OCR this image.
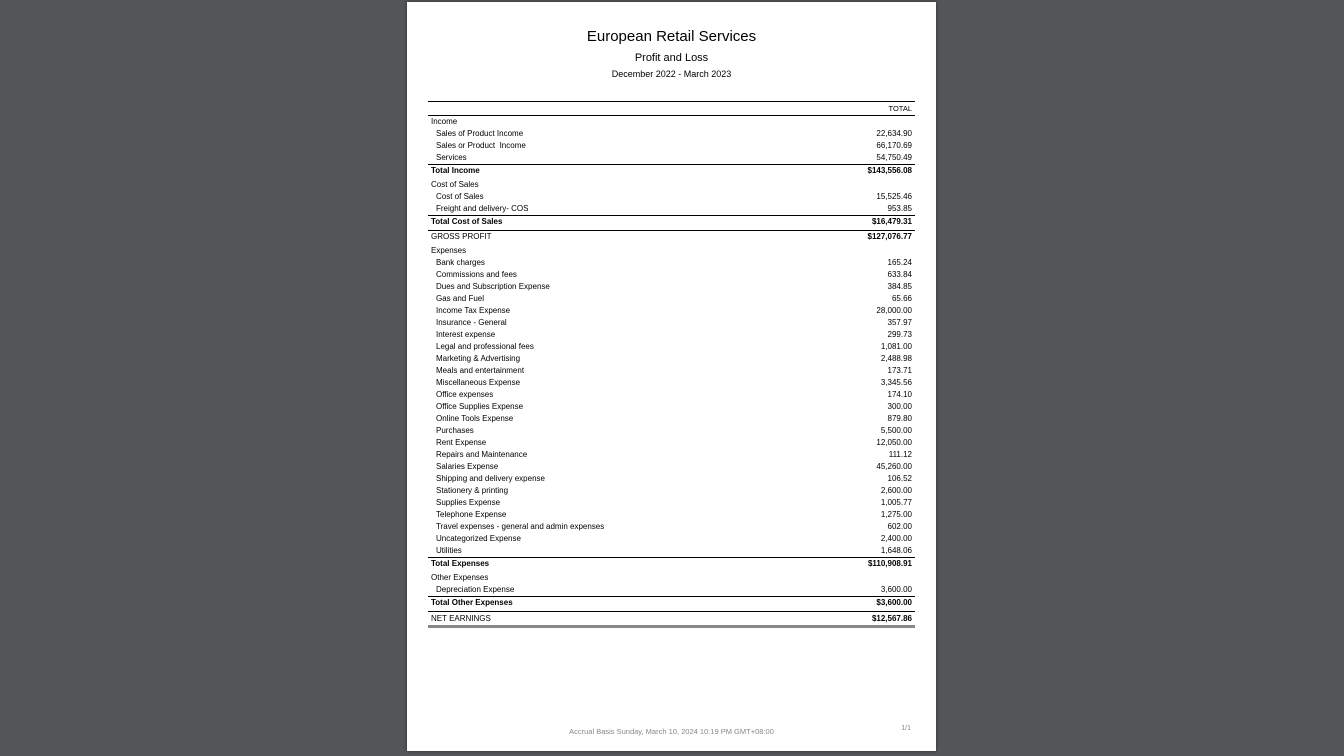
European Retail Services
Profit and Loss
December 2022 - March 2023
TOTAL
Income
Sales of Product Income	22,634.90
Sales or Product  Income	66,170.69
Services	54,750.49
Total Income	$143,556.08
Cost of Sales
Cost of Sales	15,525.46
Freight and delivery- COS	953.85
Total Cost of Sales	$16,479.31
GROSS PROFIT	$127,076.77
Expenses
Bank charges	165.24
Commissions and fees	633.84
Dues and Subscription Expense	384.85
Gas and Fuel	65.66
Income Tax Expense	28,000.00
Insurance - General	357.97
Interest expense	299.73
Legal and professional fees	1,081.00
Marketing & Advertising	2,488.98
Meals and entertainment	173.71
Miscellaneous Expense	3,345.56
Office expenses	174.10
Office Supplies Expense	300.00
Online Tools Expense	879.80
Purchases	5,500.00
Rent Expense	12,050.00
Repairs and Maintenance	111.12
Salaries Expense	45,260.00
Shipping and delivery expense	106.52
Stationery & printing	2,600.00
Supplies Expense	1,005.77
Telephone Expense	1,275.00
Travel expenses - general and admin expenses	602.00
Uncategorized Expense	2,400.00
Utilities	1,648.06
Total Expenses	$110,908.91
Other Expenses
Depreciation Expense	3,600.00
Total Other Expenses	$3,600.00
NET EARNINGS	$12,567.86
Accrual Basis Sunday, March 10, 2024 10:19 PM GMT+08:00	1/1
